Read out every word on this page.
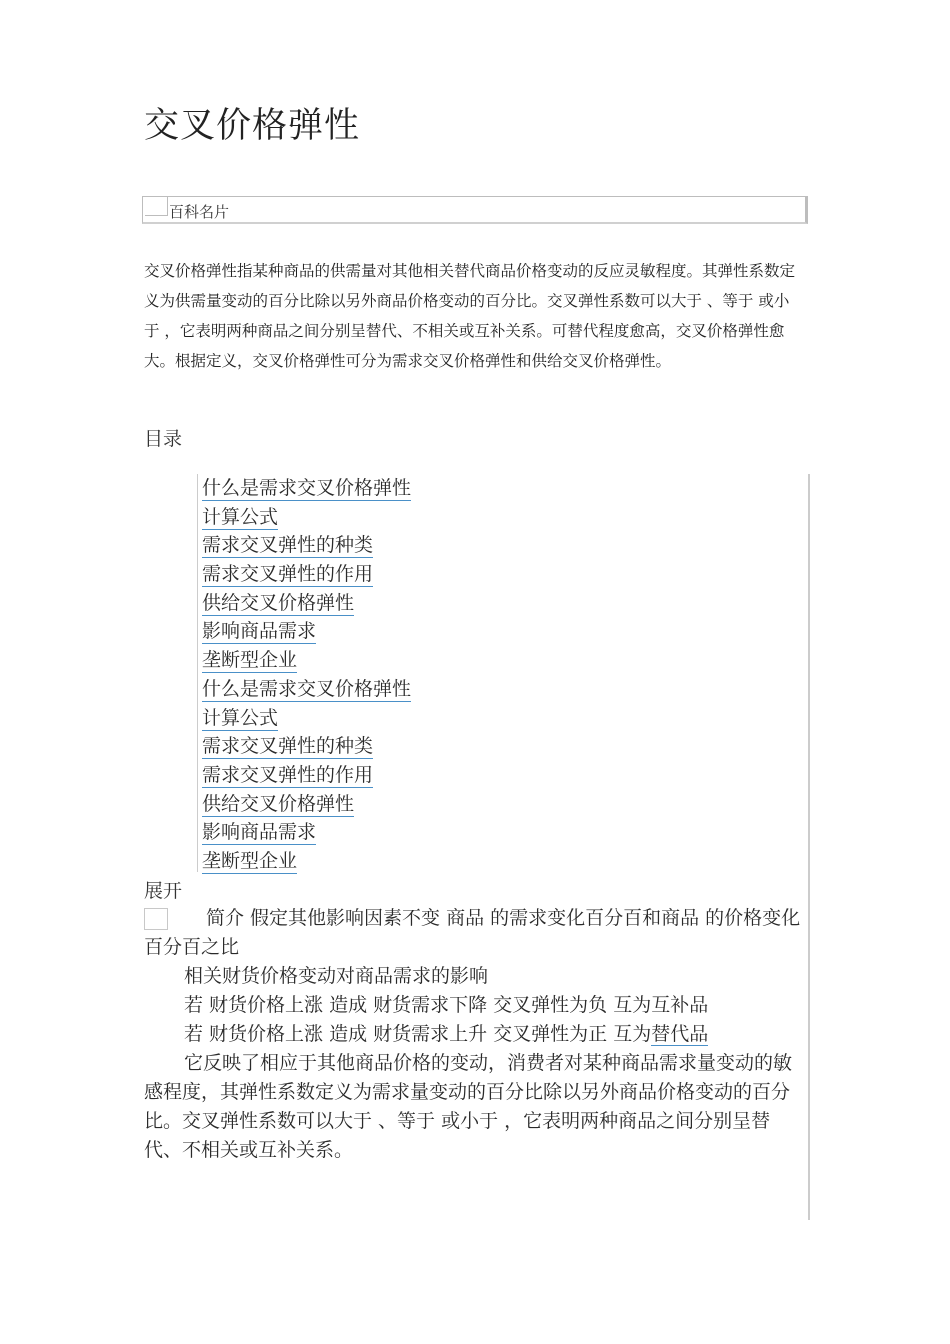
交叉价格弹性
百科名片

交叉价格弹性指某种商品的供需量对其他相关替代商品价格变动的反应灵敏程度。其弹性系数定义为供需量变动的百分比除以另外商品价格变动的百分比。交叉弹性系数可以大于 、等于 或小于 ，它表明两种商品之间分别呈替代、不相关或互补关系。可替代程度愈高，交叉价格弹性愈大。根据定义，交叉价格弹性可分为需求交叉价格弹性和供给交叉价格弹性。

目录
什么是需求交叉价格弹性
计算公式
需求交叉弹性的种类
需求交叉弹性的作用
供给交叉价格弹性
影响商品需求
垄断型企业
什么是需求交叉价格弹性
计算公式
需求交叉弹性的种类
需求交叉弹性的作用
供给交叉价格弹性
影响商品需求
垄断型企业
展开

简介 假定其他影响因素不变 商品 的需求变化百分百和商品 的价格变化百分百之比

相关财货价格变动对商品需求的影响

若 财货价格上涨 造成 财货需求下降 交叉弹性为负 互为互补品

若 财货价格上涨 造成 财货需求上升 交叉弹性为正 互为替代品

它反映了相应于其他商品价格的变动，消费者对某种商品需求量变动的敏感程度，其弹性系数定义为需求量变动的百分比除以另外商品价格变动的百分比。交叉弹性系数可以大于 、等于 或小于 ，它表明两种商品之间分别呈替代、不相关或互补关系。
